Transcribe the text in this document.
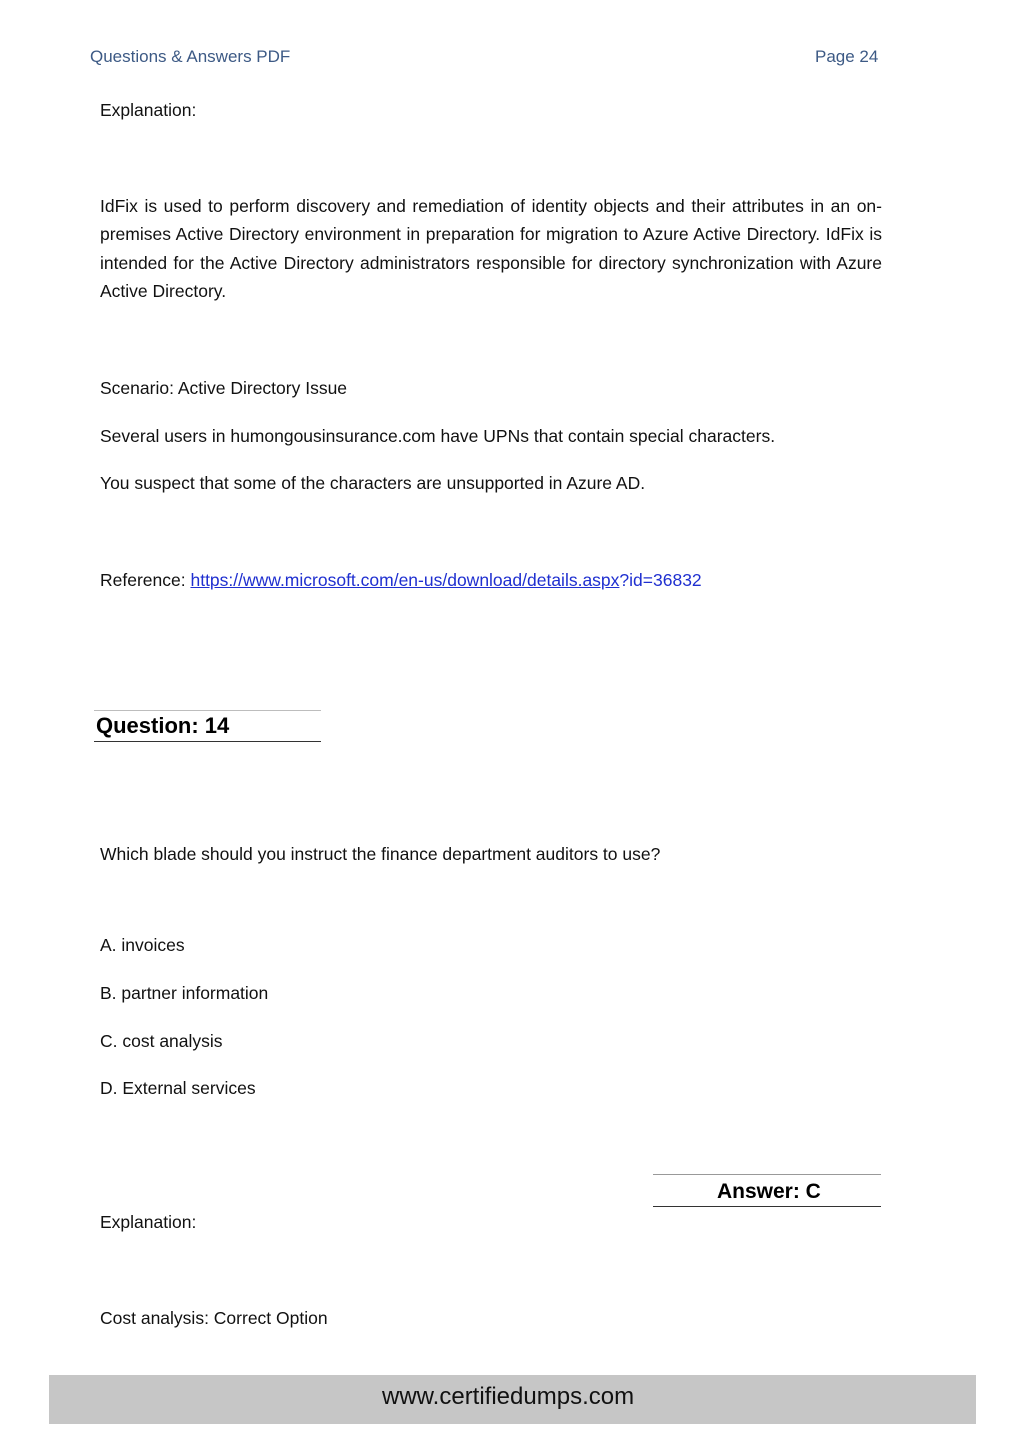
Questions & Answers PDF	Page 24
Explanation:
IdFix is used to perform discovery and remediation of identity objects and their attributes in an on- premises Active Directory environment in preparation for migration to Azure Active Directory. IdFix is intended for the Active Directory administrators responsible for directory synchronization with Azure Active Directory.
Scenario: Active Directory Issue
Several users in humongousinsurance.com have UPNs that contain special characters.
You suspect that some of the characters are unsupported in Azure AD.
Reference: https://www.microsoft.com/en-us/download/details.aspx?id=36832
Question: 14
Which blade should you instruct the finance department auditors to use?
A. invoices
B. partner information
C. cost analysis
D. External services
Answer: C
Explanation:
Cost analysis: Correct Option
www.certifiedumps.com
